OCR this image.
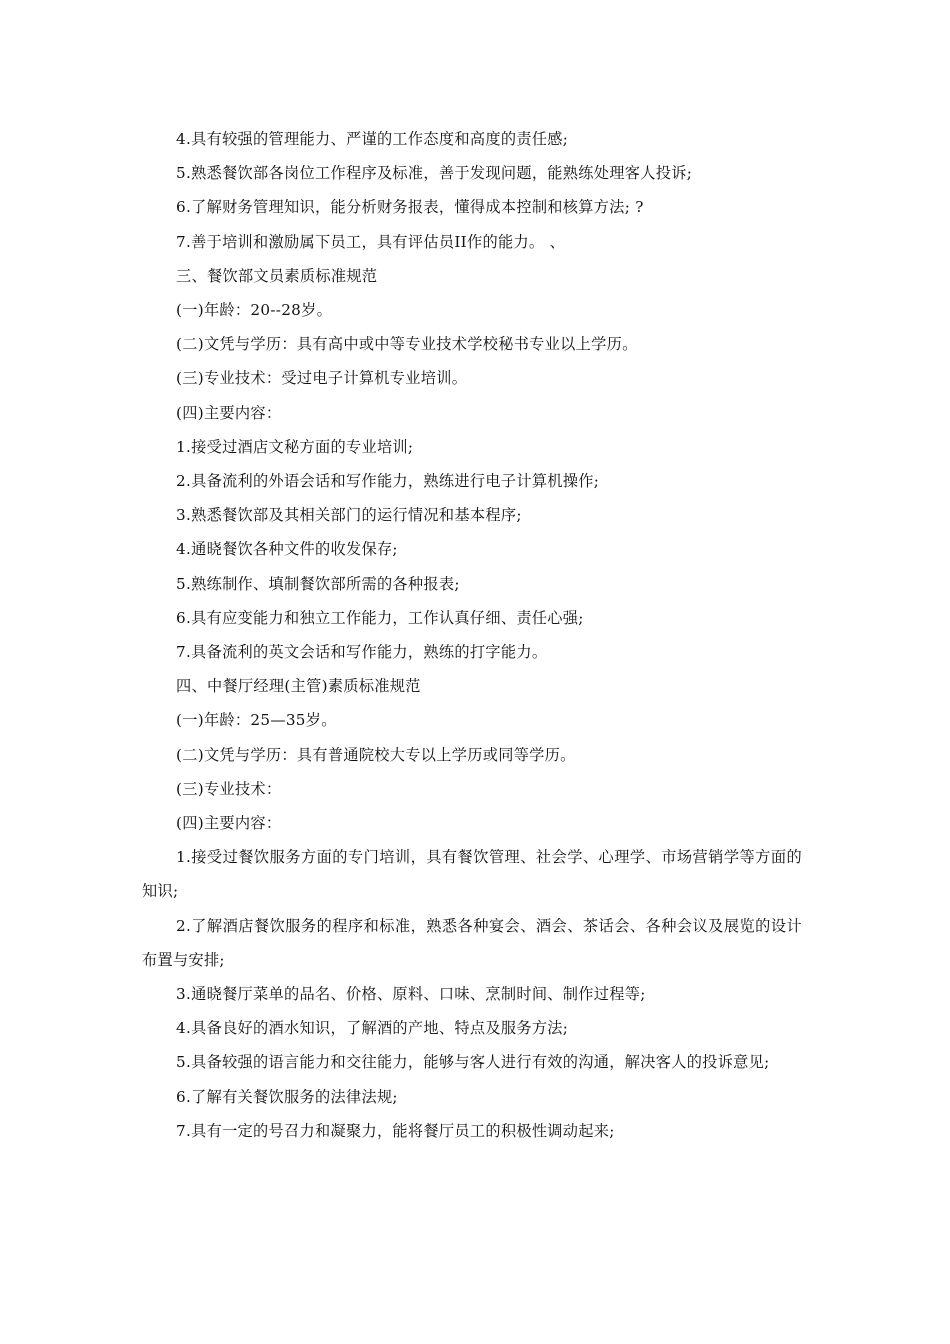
4.具有较强的管理能力、严谨的工作态度和高度的责任感;
5.熟悉餐饮部各岗位工作程序及标准，善于发现问题，能熟练处理客人投诉;
6.了解财务管理知识，能分析财务报表，懂得成本控制和核算方法; ?
7.善于培训和激励属下员工，具有评估员II作的能力。 、
三、餐饮部文员素质标准规范
(一)年龄：20--28岁。
(二)文凭与学历：具有高中或中等专业技术学校秘书专业以上学历。
(三)专业技术：受过电子计算机专业培训。
(四)主要内容：
1.接受过酒店文秘方面的专业培训;
2.具备流利的外语会话和写作能力，熟练进行电子计算机操作;
3.熟悉餐饮部及其相关部门的运行情况和基本程序;
4.通晓餐饮各种文件的收发保存;
5.熟练制作、填制餐饮部所需的各种报表;
6.具有应变能力和独立工作能力，工作认真仔细、责任心强;
7.具备流利的英文会话和写作能力，熟练的打字能力。
四、中餐厅经理(主管)素质标准规范
(一)年龄：25—35岁。
(二)文凭与学历：具有普通院校大专以上学历或同等学历。
(三)专业技术：
(四)主要内容：
1.接受过餐饮服务方面的专门培训，具有餐饮管理、社会学、心理学、市场营销学等方面的知识;
2.了解酒店餐饮服务的程序和标准，熟悉各种宴会、酒会、茶话会、各种会议及展览的设计布置与安排;
3.通晓餐厅菜单的品名、价格、原料、口味、烹制时间、制作过程等;
4.具备良好的酒水知识，了解酒的产地、特点及服务方法;
5.具备较强的语言能力和交往能力，能够与客人进行有效的沟通，解决客人的投诉意见;
6.了解有关餐饮服务的法律法规;
7.具有一定的号召力和凝聚力，能将餐厅员工的积极性调动起来;
